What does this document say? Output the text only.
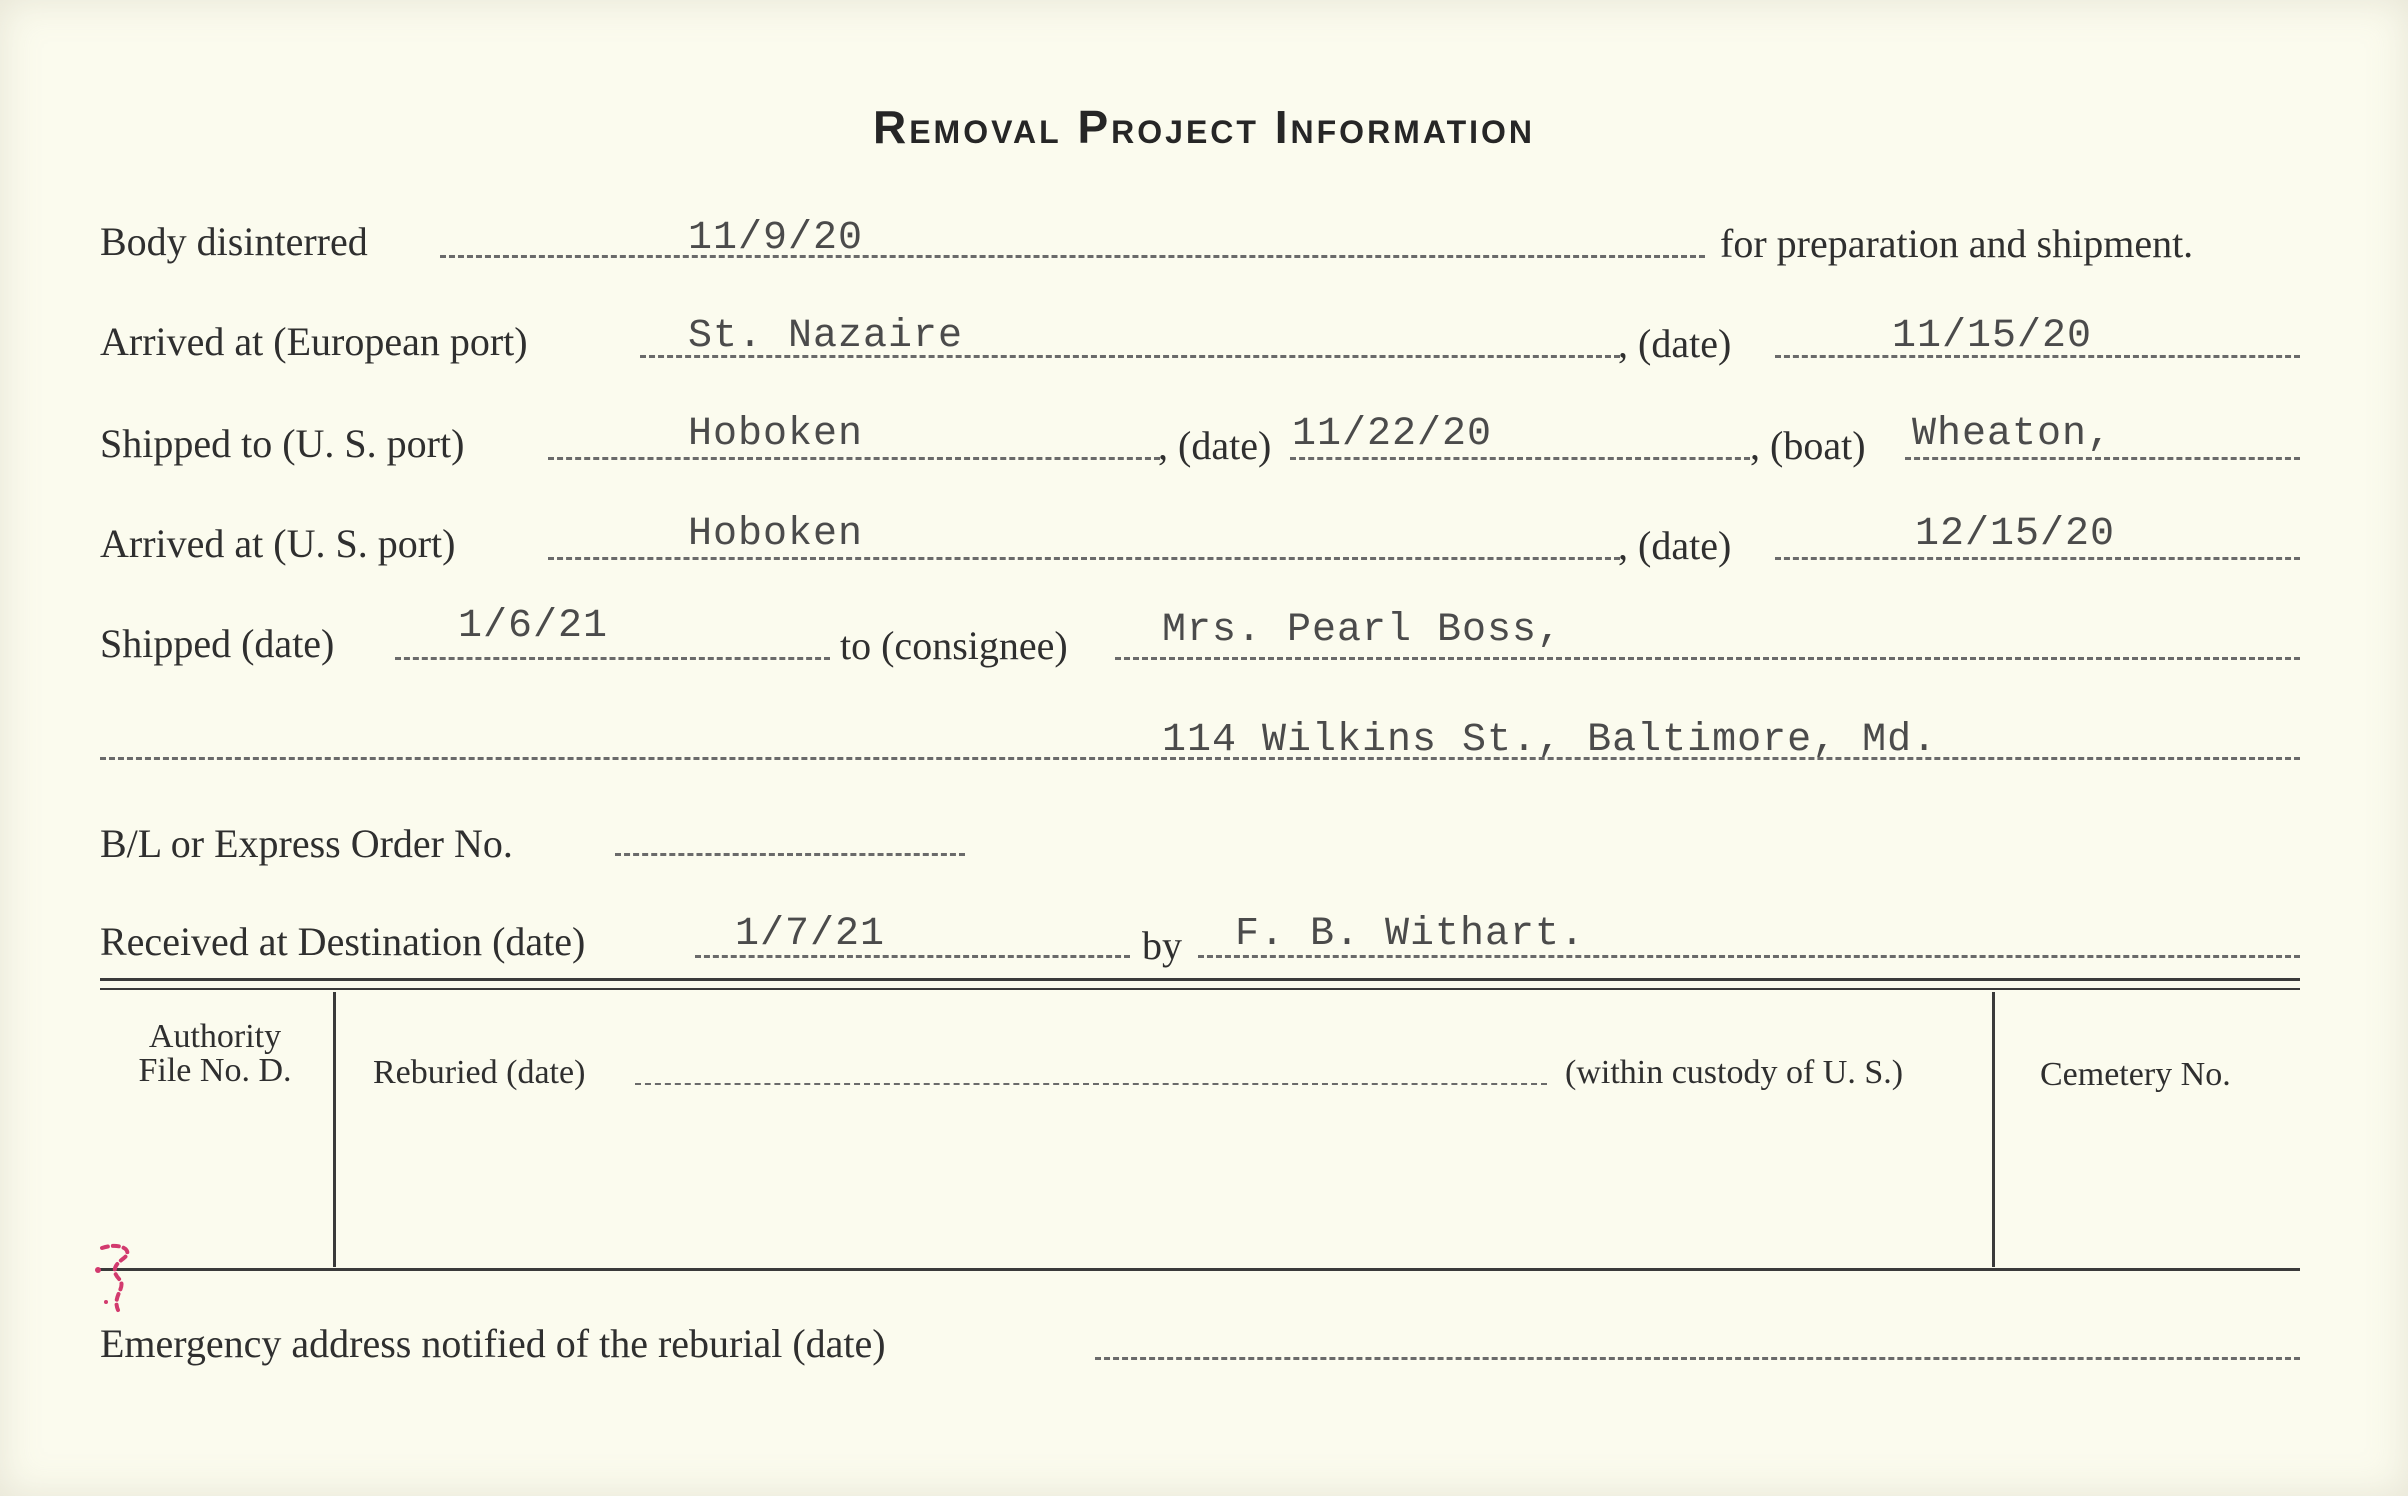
Removal Project Information
Body disinterred	11/9/20	for preparation and shipment.
Arrived at (European port)	St. Nazaire	, (date)	11/15/20
Shipped to (U. S. port)	Hoboken	, (date) 11/22/20	, (boat) Wheaton,
Arrived at (U. S. port)	Hoboken	, (date)	12/15/20
Shipped (date)	1/6/21	to (consignee) Mrs. Pearl Boss,
114 Wilkins St., Baltimore, Md.
B/L or Express Order No.
Received at Destination (date)	1/7/21	by F. B. Withart.
Authority
File No. D.	Reburied (date)	(within custody of U. S.)	Cemetery No.
Emergency address notified of the reburial (date)
